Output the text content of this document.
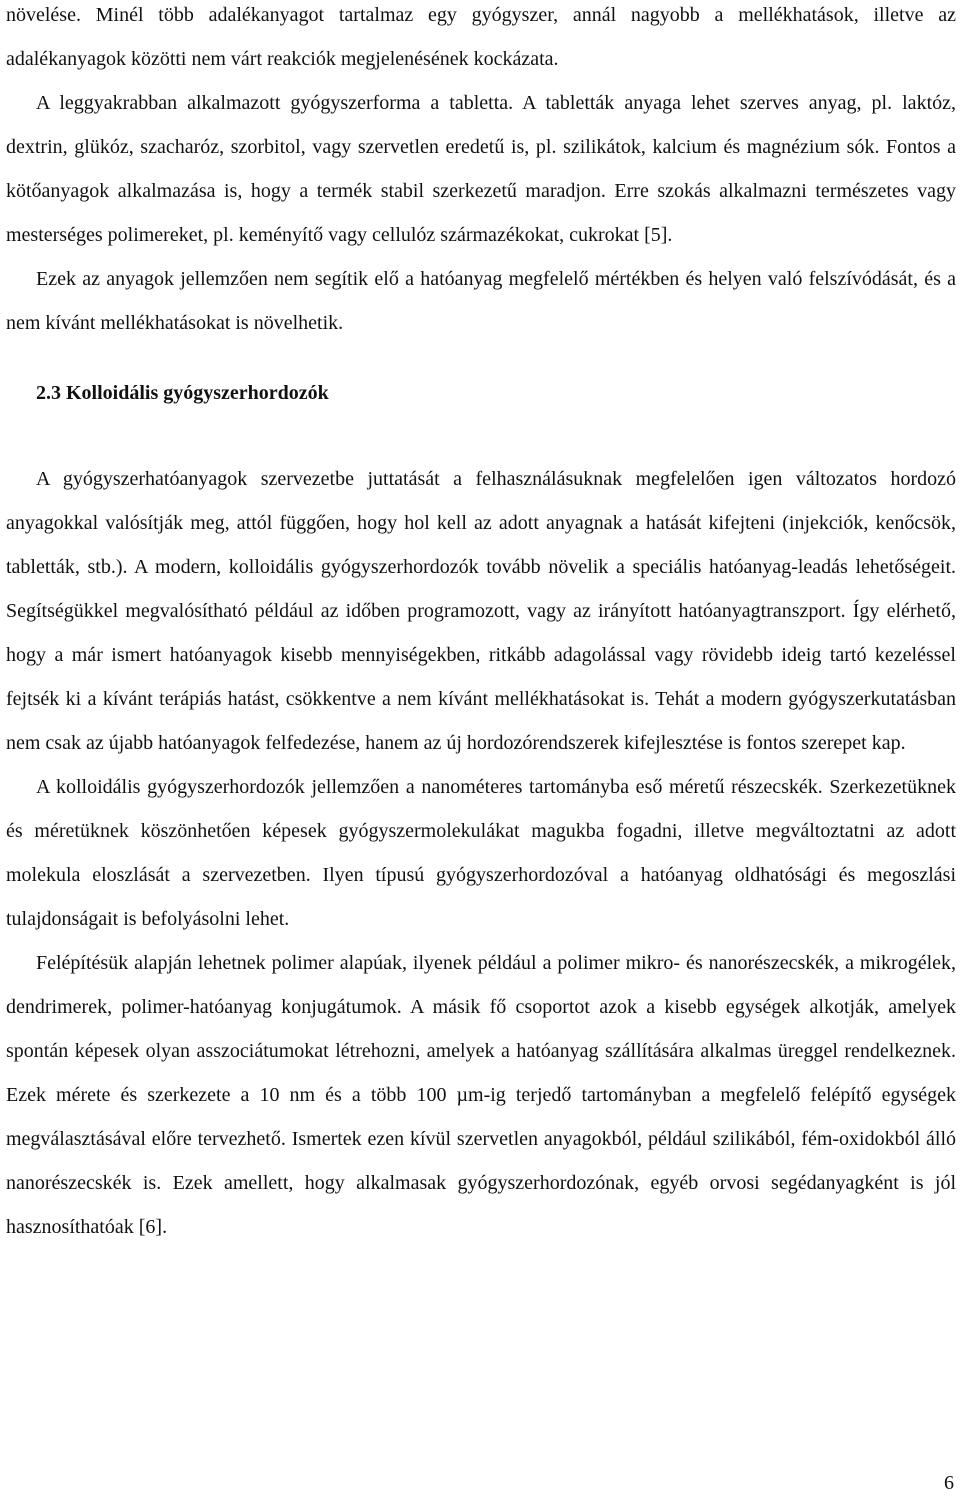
növelése. Minél több adalékanyagot tartalmaz egy gyógyszer, annál nagyobb a mellékhatások, illetve az adalékanyagok közötti nem várt reakciók megjelenésének kockázata.

A leggyakrabban alkalmazott gyógyszerforma a tabletta. A tabletták anyaga lehet szerves anyag, pl. laktóz, dextrin, glükóz, szacharóz, szorbitol, vagy szervetlen eredetű is, pl. szilikátok, kalcium és magnézium sók. Fontos a kötőanyagok alkalmazása is, hogy a termék stabil szerkezetű maradjon. Erre szokás alkalmazni természetes vagy mesterséges polimereket, pl. keményítő vagy cellulóz származékokat, cukrokat [5].

Ezek az anyagok jellemzően nem segítik elő a hatóanyag megfelelő mértékben és helyen való felszívódását, és a nem kívánt mellékhatásokat is növelhetik.

2.3 Kolloidális gyógyszerhordozók

A gyógyszerhatóanyagok szervezetbe juttatását a felhasználásuknak megfelelően igen változatos hordozó anyagokkal valósítják meg, attól függően, hogy hol kell az adott anyagnak a hatását kifejteni (injekciók, kenőcsök, tabletták, stb.). A modern, kolloidális gyógyszerhordozók tovább növelik a speciális hatóanyag-leadás lehetőségeit. Segítségükkel megvalósítható például az időben programozott, vagy az irányított hatóanyagtranszport. Így elérhető, hogy a már ismert hatóanyagok kisebb mennyiségekben, ritkább adagolással vagy rövidebb ideig tartó kezeléssel fejtsék ki a kívánt terápiás hatást, csökkentve a nem kívánt mellékhatásokat is. Tehát a modern gyógyszerkutatásban nem csak az újabb hatóanyagok felfedezése, hanem az új hordozórendszerek kifejlesztése is fontos szerepet kap.

A kolloidális gyógyszerhordozók jellemzően a nanométeres tartományba eső méretű részecskék. Szerkezetüknek és méretüknek köszönhetően képesek gyógyszermolekulákat magukba fogadni, illetve megváltoztatni az adott molekula eloszlását a szervezetben. Ilyen típusú gyógyszerhordozóval a hatóanyag oldhatósági és megoszlási tulajdonságait is befolyásolni lehet.

Felépítésük alapján lehetnek polimer alapúak, ilyenek például a polimer mikro- és nanorészecskék, a mikrogélek, dendrimerek, polimer-hatóanyag konjugátumok. A másik fő csoportot azok a kisebb egységek alkotják, amelyek spontán képesek olyan asszociátumokat létrehozni, amelyek a hatóanyag szállítására alkalmas üreggel rendelkeznek. Ezek mérete és szerkezete a 10 nm és a több 100 µm-ig terjedő tartományban a megfelelő felépítő egységek megválasztásával előre tervezhető. Ismertek ezen kívül szervetlen anyagokból, például szilikából, fém-oxidokból álló nanorészecskék is. Ezek amellett, hogy alkalmasak gyógyszerhordozónak, egyéb orvosi segédanyagként is jól hasznosíthatóak [6].

6
